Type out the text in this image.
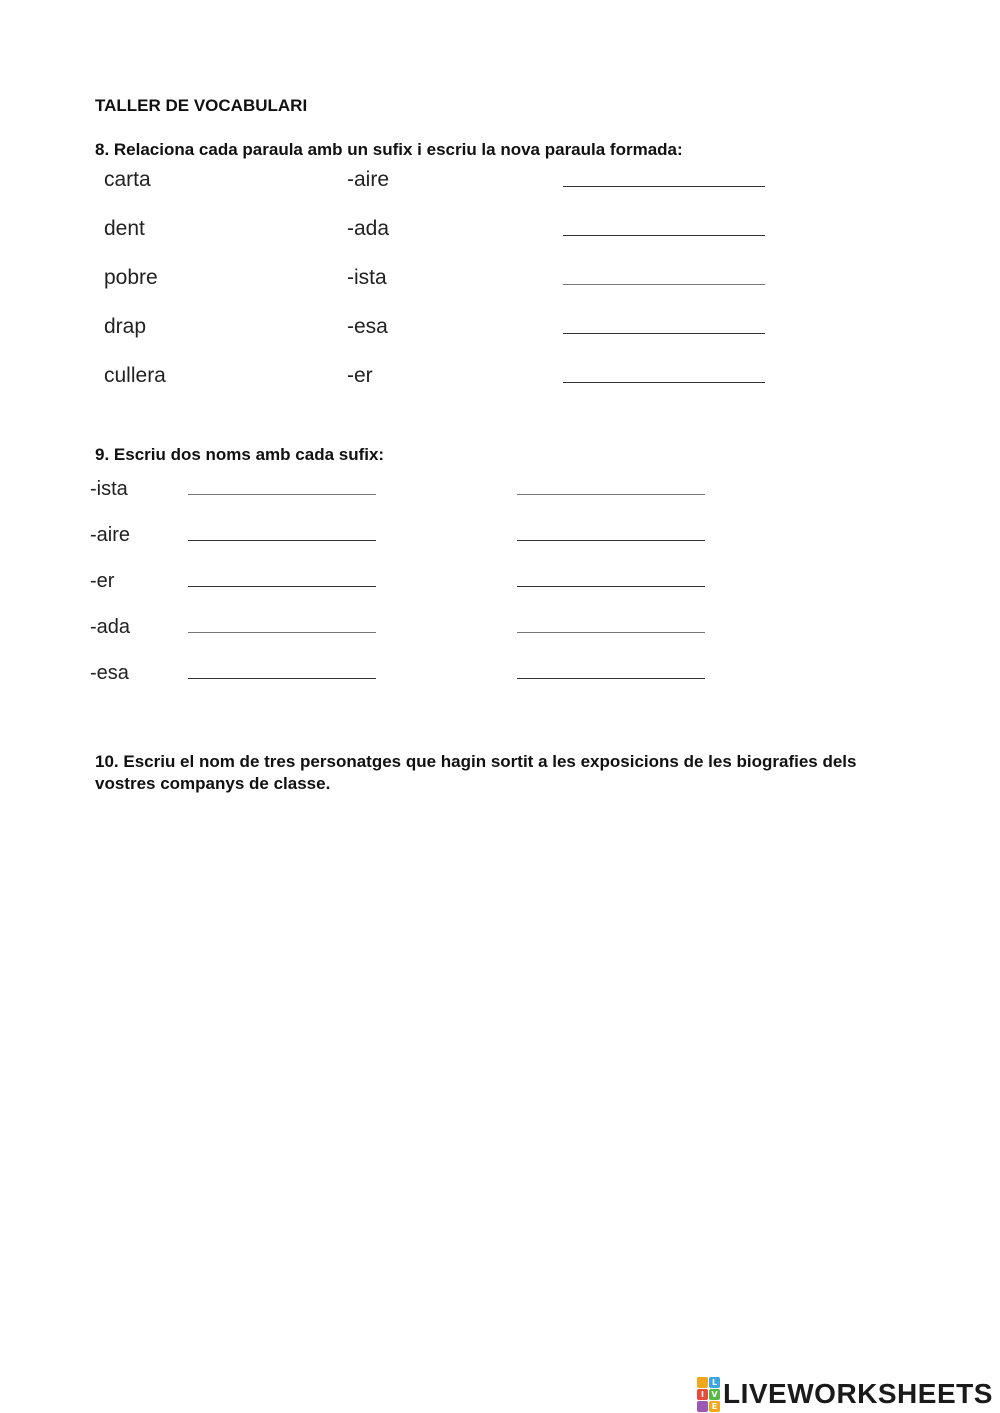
TALLER DE VOCABULARI
8. Relaciona cada paraula amb un sufix i escriu la nova paraula formada:
carta	-aire
dent	-ada
pobre	-ista
drap	-esa
cullera	-er
9. Escriu dos noms amb cada sufix:
-ista
-aire
-er
-ada
-esa
10. Escriu el nom de tres personatges que hagin sortit a les exposicions de les biografies dels vostres companys de classe.
L
I V
E LIVEWORKSHEETS
